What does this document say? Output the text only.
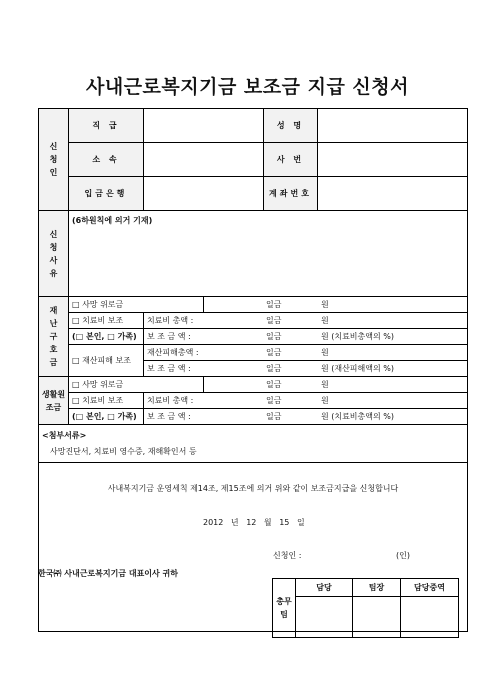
사내근로복지기금 보조금 지급 신청서
신청인	직 급			성 명	
	소 속			사 번	
	입금은행			계좌번호	
신청사유	(6하원칙에 의거 기재)				
재난구호금	□ 사망 위로금			일금	원
	□ 치료비 보조	치료비 총액 :		일금	원
	(□ 본인, □ 가족)	보 조 금 액 :		일금	원 (치료비총액의 %)
	□ 재산피해 보조	재산피해총액 :		일금	원
		보 조 금 액 :		일금	원 (재산피해액의 %)
생활원조금	□ 사망 위로금			일금	원
	□ 치료비 보조	치료비 총액 :		일금	원
	(□ 본인, □ 가족)	보 조 금 액 :		일금	원 (치료비총액의 %)

<첨부서류>
사망진단서, 치료비 영수증, 재해확인서 등					
사내복지기금 운영세칙 제14조, 제15조에 의거 위와 같이 보조금지급을 신청합니다
2012 년 12 월 15 일
신청인 :	(인)
한국㈜ 사내근로복지기금 대표이사 귀하
총무팀	담당	팀장	담당중역
